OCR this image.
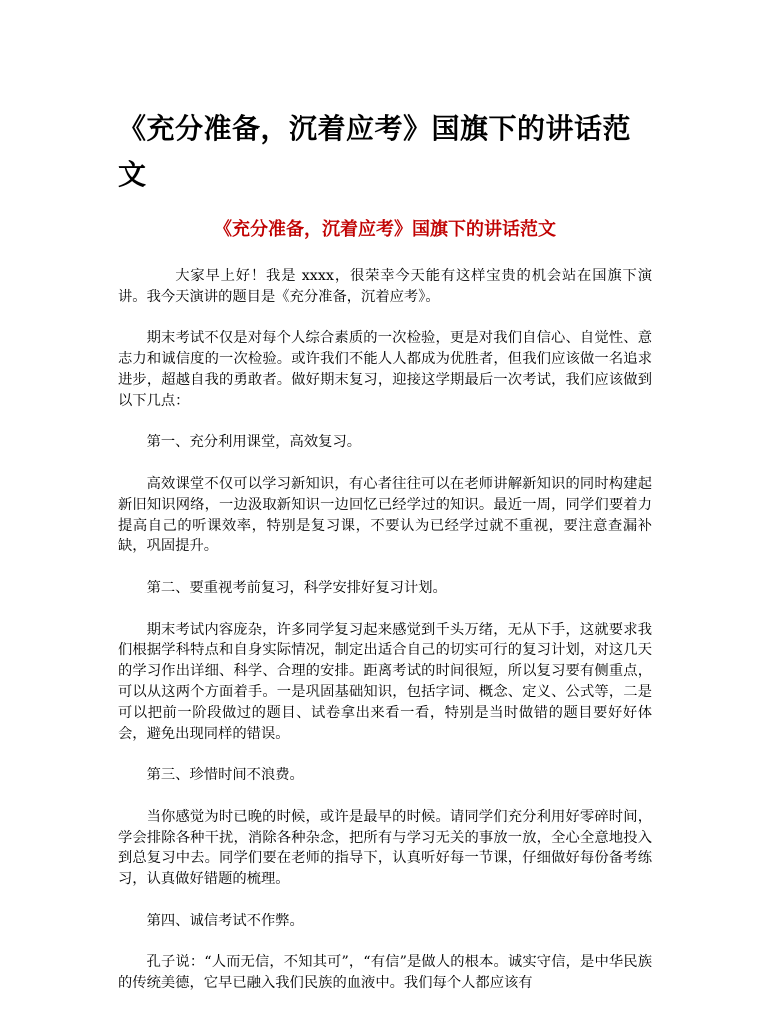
《充分准备，沉着应考》国旗下的讲话范文
《充分准备，沉着应考》国旗下的讲话范文

大家早上好！我是 xxxx，很荣幸今天能有这样宝贵的机会站在国旗下演讲。我今天演讲的题目是《充分准备，沉着应考》。

期末考试不仅是对每个人综合素质的一次检验，更是对我们自信心、自觉性、意志力和诚信度的一次检验。或许我们不能人人都成为优胜者，但我们应该做一名追求进步，超越自我的勇敢者。做好期末复习，迎接这学期最后一次考试，我们应该做到以下几点：

第一、充分利用课堂，高效复习。

高效课堂不仅可以学习新知识，有心者往往可以在老师讲解新知识的同时构建起新旧知识网络，一边汲取新知识一边回忆已经学过的知识。最近一周，同学们要着力提高自己的听课效率，特别是复习课，不要认为已经学过就不重视，要注意查漏补缺，巩固提升。

第二、要重视考前复习，科学安排好复习计划。

期末考试内容庞杂，许多同学复习起来感觉到千头万绪，无从下手，这就要求我们根据学科特点和自身实际情况，制定出适合自己的切实可行的复习计划，对这几天的学习作出详细、科学、合理的安排。距离考试的时间很短，所以复习要有侧重点，可以从这两个方面着手。一是巩固基础知识，包括字词、概念、定义、公式等，二是可以把前一阶段做过的题目、试卷拿出来看一看，特别是当时做错的题目要好好体会，避免出现同样的错误。

第三、珍惜时间不浪费。

当你感觉为时已晚的时候，或许是最早的时候。请同学们充分利用好零碎时间，学会排除各种干扰，消除各种杂念，把所有与学习无关的事放一放，全心全意地投入到总复习中去。同学们要在老师的指导下，认真听好每一节课，仔细做好每份备考练习，认真做好错题的梳理。

第四、诚信考试不作弊。

孔子说：“人而无信，不知其可”，“有信”是做人的根本。诚实守信，是中华民族的传统美德，它早已融入我们民族的血液中。我们每个人都应该有
